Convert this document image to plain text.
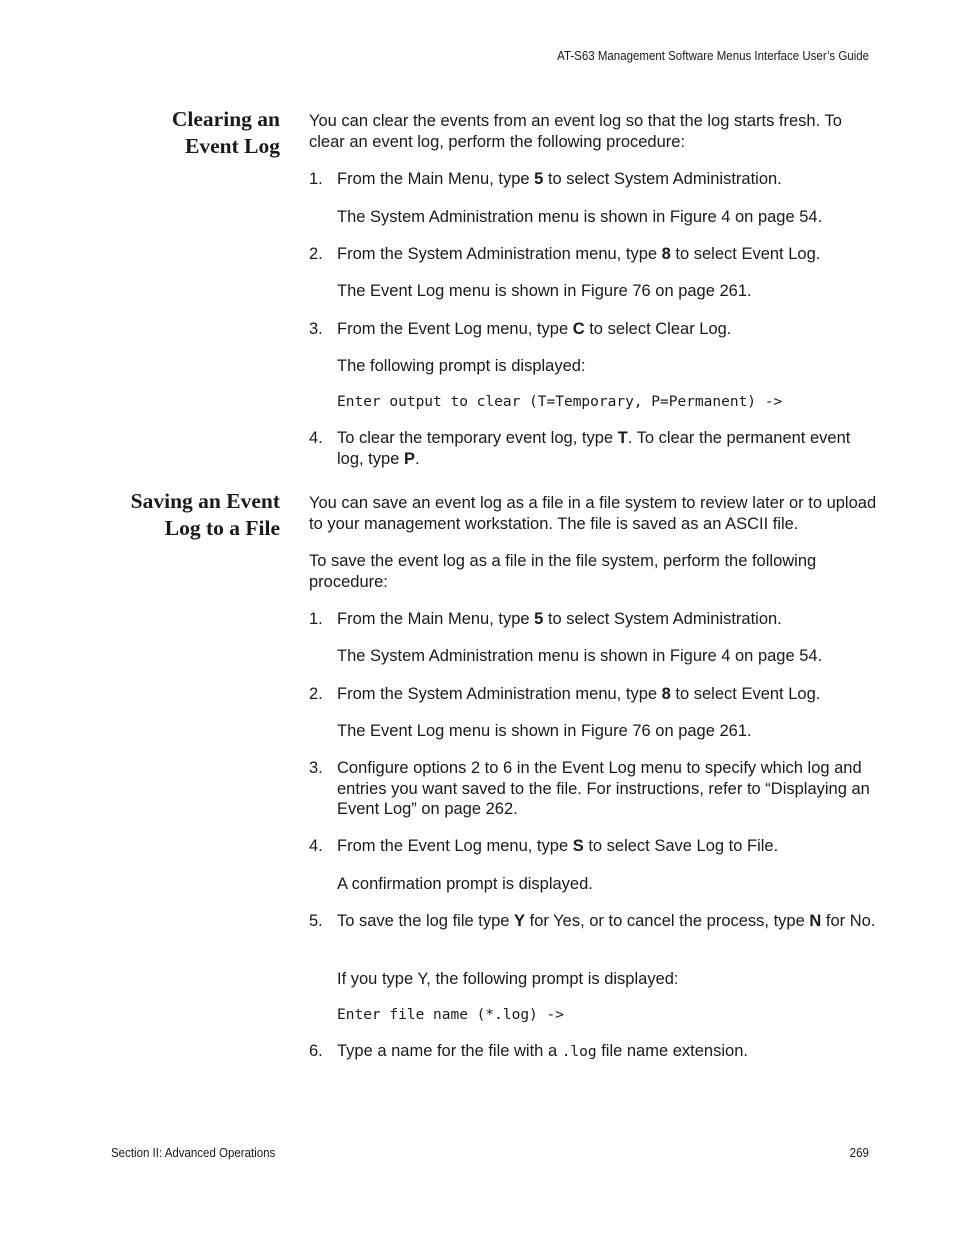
AT-S63 Management Software Menus Interface User’s Guide
Clearing an
Event Log

You can clear the events from an event log so that the log starts fresh. To clear an event log, perform the following procedure:

1. From the Main Menu, type 5 to select System Administration.

The System Administration menu is shown in Figure 4 on page 54.

2. From the System Administration menu, type 8 to select Event Log.

The Event Log menu is shown in Figure 76 on page 261.

3. From the Event Log menu, type C to select Clear Log.

The following prompt is displayed:

Enter output to clear (T=Temporary, P=Permanent) ->

4. To clear the temporary event log, type T. To clear the permanent event log, type P.

Saving an Event
Log to a File

You can save an event log as a file in a file system to review later or to upload to your management workstation. The file is saved as an ASCII file.

To save the event log as a file in the file system, perform the following procedure:

1. From the Main Menu, type 5 to select System Administration.

The System Administration menu is shown in Figure 4 on page 54.

2. From the System Administration menu, type 8 to select Event Log.

The Event Log menu is shown in Figure 76 on page 261.

3. Configure options 2 to 6 in the Event Log menu to specify which log and entries you want saved to the file. For instructions, refer to “Displaying an Event Log” on page 262.

4. From the Event Log menu, type S to select Save Log to File.

A confirmation prompt is displayed.

5. To save the log file type Y for Yes, or to cancel the process, type N for No.

If you type Y, the following prompt is displayed:

Enter file name (*.log) ->

6. Type a name for the file with a .log file name extension.

Section II: Advanced Operations	269
